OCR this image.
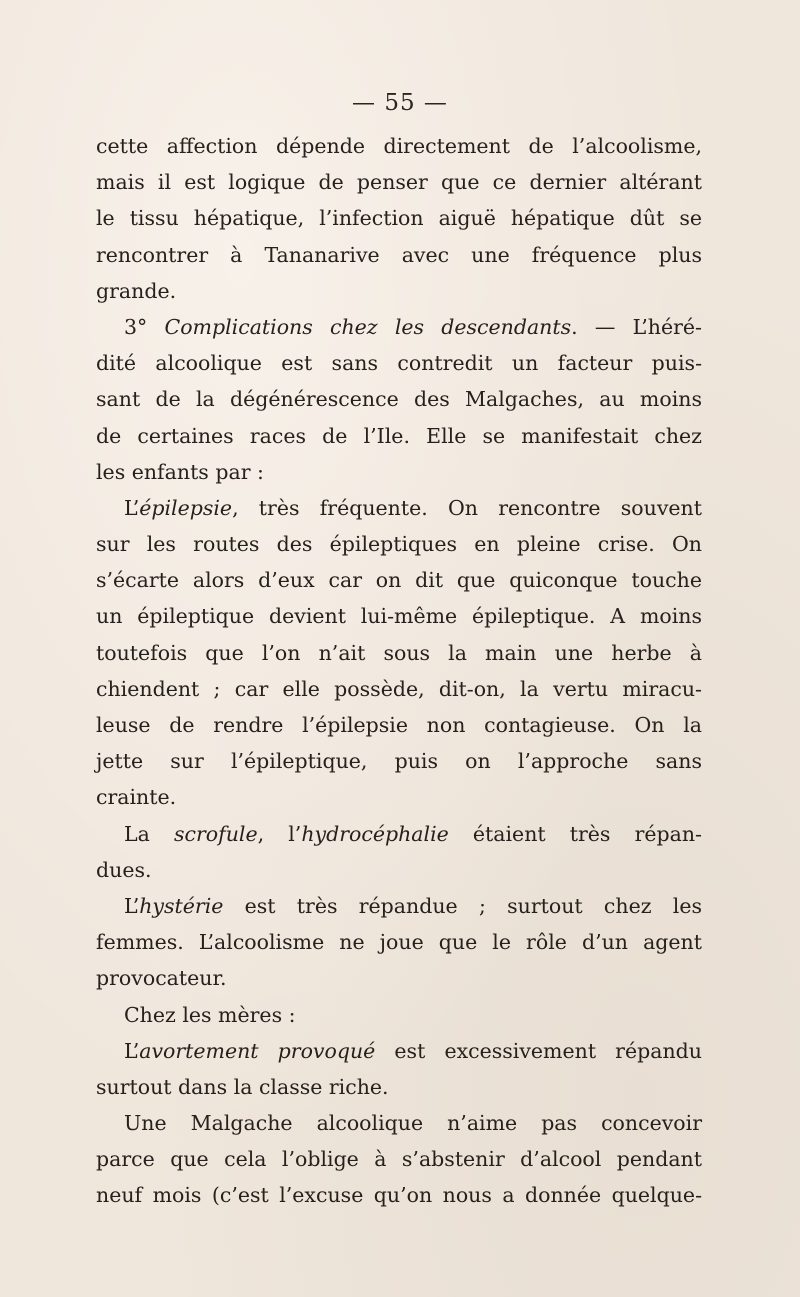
— 55 —
cette affection dépende directement de l’alcoolisme,
mais il est logique de penser que ce dernier altérant
le tissu hépatique, l’infection aiguë hépatique dût se
rencontrer à Tananarive avec une fréquence plus
grande.
3° Complications chez les descendants. — L’héré-
dité alcoolique est sans contredit un facteur puis-
sant de la dégénérescence des Malgaches, au moins
de certaines races de l’Ile. Elle se manifestait chez
les enfants par :
L’épilepsie, très fréquente. On rencontre souvent
sur les routes des épileptiques en pleine crise. On
s’écarte alors d’eux car on dit que quiconque touche
un épileptique devient lui-même épileptique. A moins
toutefois que l’on n’ait sous la main une herbe à
chiendent ; car elle possède, dit-on, la vertu miracu-
leuse de rendre l’épilepsie non contagieuse. On la
jette sur l’épileptique, puis on l’approche sans
crainte.
La scrofule, l’hydrocéphalie étaient très répan-
dues.
L’hystérie est très répandue ; surtout chez les
femmes. L’alcoolisme ne joue que le rôle d’un agent
provocateur.
Chez les mères :
L’avortement provoqué est excessivement répandu
surtout dans la classe riche.
Une Malgache alcoolique n’aime pas concevoir
parce que cela l’oblige à s’abstenir d’alcool pendant
neuf mois (c’est l’excuse qu’on nous a donnée quelque-
